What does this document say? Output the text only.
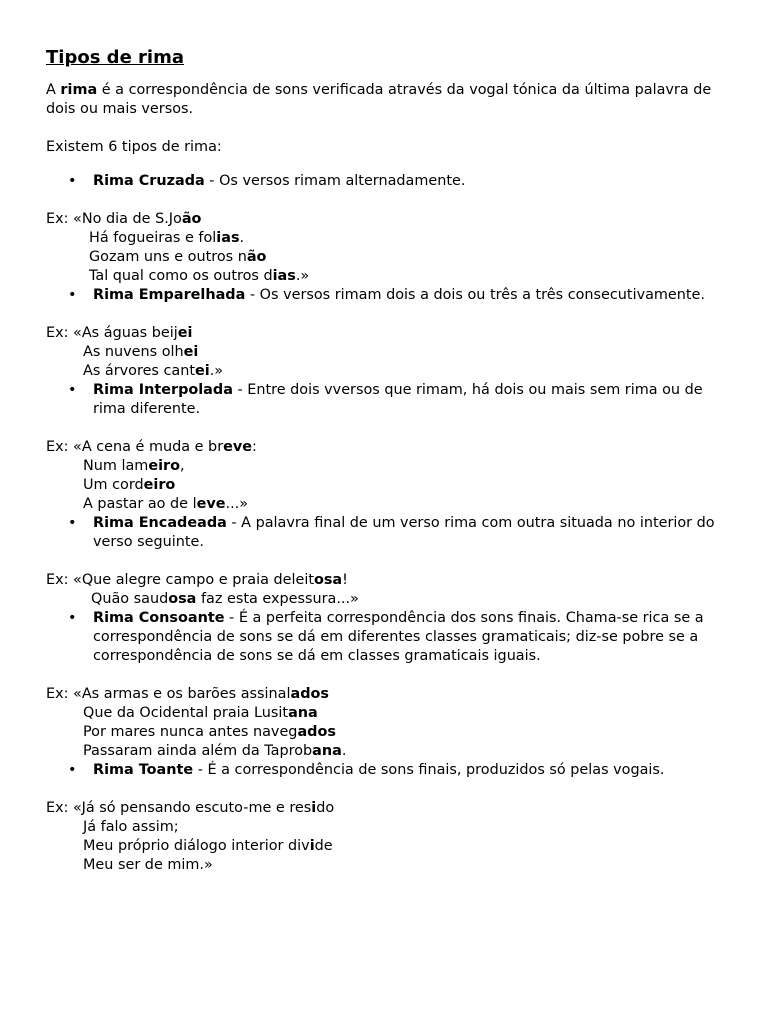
Tipos de rima

A rima é a correspondência de sons verificada através da vogal tónica da última palavra de dois ou mais versos.

Existem 6 tipos de rima:

• Rima Cruzada - Os versos rimam alternadamente.
Ex: «No dia de S.João
Há fogueiras e folias.
Gozam uns e outros não
Tal qual como os outros dias.»
• Rima Emparelhada - Os versos rimam dois a dois ou três a três consecutivamente.
Ex: «As águas beijei
As nuvens olhei
As árvores cantei.»
• Rima Interpolada - Entre dois vversos que rimam, há dois ou mais sem rima ou de rima diferente.
Ex: «A cena é muda e breve:
Num lameiro,
Um cordeiro
A pastar ao de leve...»
• Rima Encadeada - A palavra final de um verso rima com outra situada no interior do verso seguinte.
Ex: «Que alegre campo e praia deleitosa!
Quão saudosa faz esta expessura...»
• Rima Consoante - É a perfeita correspondência dos sons finais. Chama-se rica se a correspondência de sons se dá em diferentes classes gramaticais; diz-se pobre se a correspondência de sons se dá em classes gramaticais iguais.
Ex: «As armas e os barões assinalados
Que da Ocidental praia Lusitana
Por mares nunca antes navegados
Passaram ainda além da Taprobana.
• Rima Toante - É a correspondência de sons finais, produzidos só pelas vogais.
Ex: «Já só pensando escuto-me e resido
Já falo assim;
Meu próprio diálogo interior divide
Meu ser de mim.»
